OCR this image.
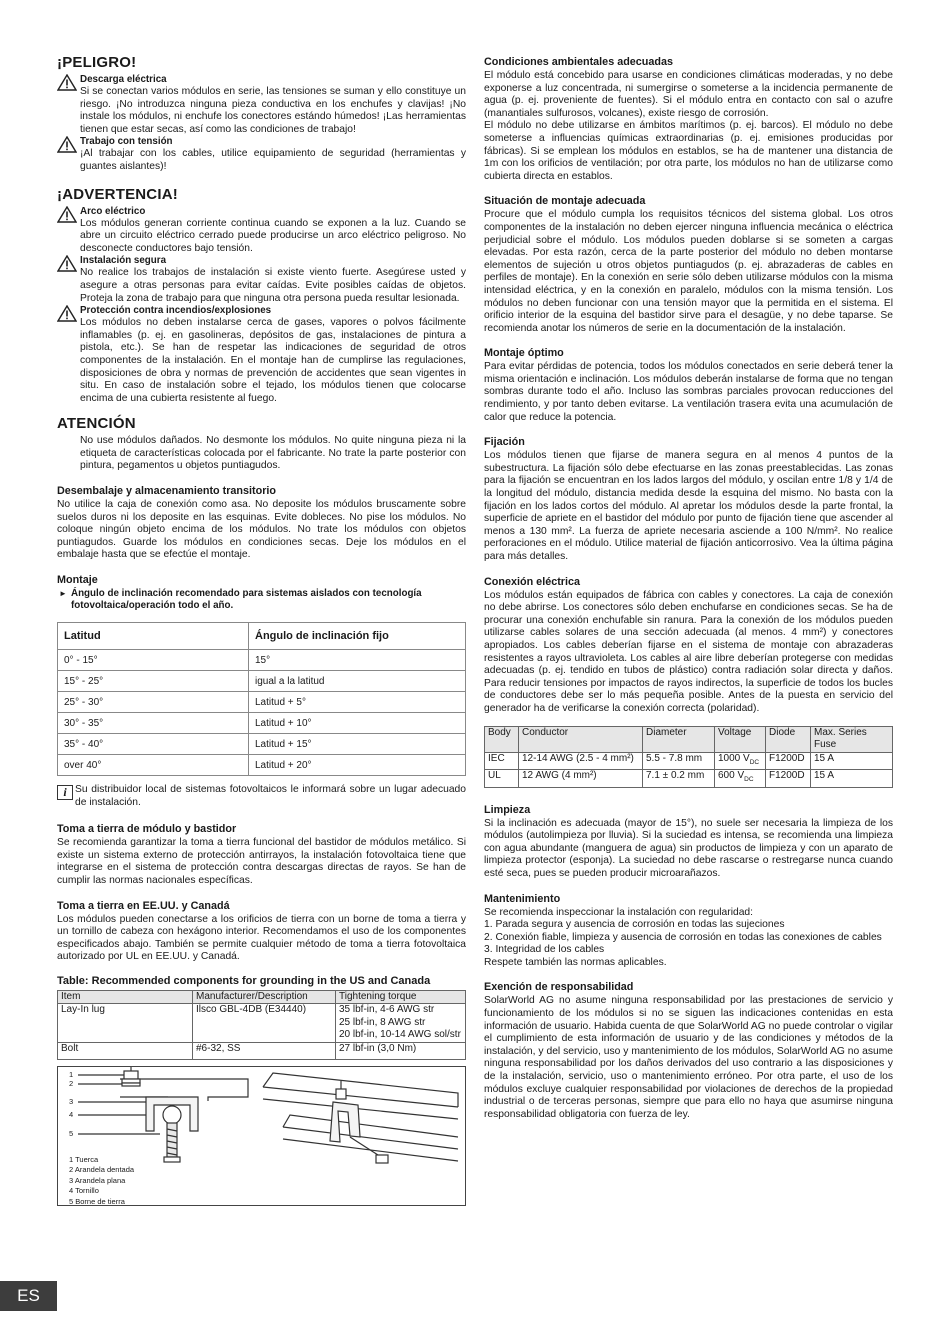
¡PELIGRO!
Descarga eléctrica

Si se conectan varios módulos en serie, las tensiones se suman y ello constituye un riesgo. ¡No introduzca ninguna pieza conductiva en los enchufes y clavijas! ¡No instale los módulos, ni enchufe los conectores estándo húmedos! ¡Las herramientas tienen que estar secas, así como las condiciones de trabajo!

Trabajo con tensión

¡Al trabajar con los cables, utilice equipamiento de seguridad (herramientas y guantes aislantes)!

¡ADVERTENCIA!
Arco eléctrico

Los módulos generan corriente continua cuando se exponen a la luz. Cuando se abre un circuito eléctrico cerrado puede producirse un arco eléctrico peligroso. No desconecte conductores bajo tensión.

Instalación segura

No realice los trabajos de instalación si existe viento fuerte. Asegúrese usted y asegure a otras personas para evitar caídas. Evite posibles caídas de objetos. Proteja la zona de trabajo para que ninguna otra persona pueda resultar lesionada.

Protección contra incendios/explosiones

Los módulos no deben instalarse cerca de gases, vapores o polvos fácilmente inflamables (p. ej. en gasolineras, depósitos de gas, instalaciones de pintura a pistola, etc.). Se han de respetar las indicaciones de seguridad de otros componentes de la instalación. En el montaje han de cumplirse las regulaciones, disposiciones de obra y normas de prevención de accidentes que sean vigentes in situ. En caso de instalación sobre el tejado, los módulos tienen que colocarse encima de una cubierta resistente al fuego.

ATENCIÓN

No use módulos dañados. No desmonte los módulos. No quite ninguna pieza ni la etiqueta de características colocada por el fabricante. No trate la parte posterior con pintura, pegamentos u objetos puntiagudos.

Desembalaje y almacenamiento transitorio

No utilice la caja de conexión como asa. No deposite los módulos bruscamente sobre suelos duros ni los deposite en las esquinas. Evite dobleces. No pise los módulos. No coloque ningún objeto encima de los módulos. No trate los módulos con objetos puntiagudos. Guarde los módulos en condiciones secas. Deje los módulos en el embalaje hasta que se efectúe el montaje.

Montaje
► Ángulo de inclinación recomendado para sistemas aislados con tecnología fotovoltaica/operación todo el año.
Latitud	Ángulo de inclinación fijo
0° - 15°	15°
15° - 25°	igual a la latitud
25° - 30°	Latitud + 5°
30° - 35°	Latitud + 10°
35° - 40°	Latitud + 15°
over 40°	Latitud + 20°
i Su distribuidor local de sistemas fotovoltaicos le informará sobre un lugar adecuado de instalación.

Toma a tierra de módulo y bastidor

Se recomienda garantizar la toma a tierra funcional del bastidor de módulos metálico. Si existe un sistema externo de protección antirrayos, la instalación fotovoltaica tiene que integrarse en el sistema de protección contra descargas directas de rayos. Se han de cumplir las normas nacionales específicas.

Toma a tierra en EE.UU. y Canadá

Los módulos pueden conectarse a los orificios de tierra con un borne de toma a tierra y un tornillo de cabeza con hexágono interior. Recomendamos el uso de los componentes especificados abajo. También se permite cualquier método de toma a tierra fotovoltaica autorizado por UL en EE.UU. y Canadá.

Table: Recommended components for grounding in the US and Canada
Item	Manufacturer/Description	Tightening torque
Lay-In lug	Ilsco GBL-4DB (E34440)	35 lbf-in, 4-6 AWG str
25 lbf-in, 8 AWG str
20 lbf-in, 10-14 AWG sol/str

Bolt	#6-32, SS	27 lbf-in (3,0 Nm)
1
2
3
4
5
1 Tuerca
2 Arandela dentada
3 Arandela plana
4 Tornillo
5 Borne de tierra
Condiciones ambientales adecuadas

El módulo está concebido para usarse en condiciones climáticas moderadas, y no debe exponerse a luz concentrada, ni sumergirse o someterse a la incidencia permanente de agua (p. ej. proveniente de fuentes). Si el módulo entra en contacto con sal o azufre (manantiales sulfurosos, volcanes), existe riesgo de corrosión.

El módulo no debe utilizarse en ámbitos marítimos (p. ej. barcos). El módulo no debe someterse a influencias químicas extraordinarias (p. ej. emisiones producidas por fábricas). Si se emplean los módulos en establos, se ha de mantener una distancia de 1m con los orificios de ventilación; por otra parte, los módulos no han de utilizarse como cubierta directa en establos.

Situación de montaje adecuada

Procure que el módulo cumpla los requisitos técnicos del sistema global. Los otros componentes de la instalación no deben ejercer ninguna influencia mecánica o eléctrica perjudicial sobre el módulo. Los módulos pueden doblarse si se someten a cargas elevadas. Por esta razón, cerca de la parte posterior del módulo no deben montarse elementos de sujeción u otros objetos puntiagudos (p. ej. abrazaderas de cables en perfiles de montaje). En la conexión en serie sólo deben utilizarse módulos con la misma intensidad eléctrica, y en la conexión en paralelo, módulos con la misma tensión. Los módulos no deben funcionar con una tensión mayor que la permitida en el sistema. El orificio interior de la esquina del bastidor sirve para el desagüe, y no debe taparse. Se recomienda anotar los números de serie en la documentación de la instalación.

Montaje óptimo

Para evitar pérdidas de potencia, todos los módulos conectados en serie deberá tener la misma orientación e inclinación. Los módulos deberán instalarse de forma que no tengan sombras durante todo el año. Incluso las sombras parciales provocan reducciones del rendimiento, y por tanto deben evitarse. La ventilación trasera evita una acumulación de calor que reduce la potencia.

Fijación

Los módulos tienen que fijarse de manera segura en al menos 4 puntos de la subestructura. La fijación sólo debe efectuarse en las zonas preestablecidas. Las zonas para la fijación se encuentran en los lados largos del módulo, y oscilan entre 1/8 y 1/4 de la longitud del módulo, distancia medida desde la esquina del mismo. No basta con la fijación en los lados cortos del módulo. Al apretar los módulos desde la parte frontal, la superficie de apriete en el bastidor del módulo por punto de fijación tiene que ascender al menos a 130 mm². La fuerza de apriete necesaria asciende a 100 N/mm². No realice perforaciones en el módulo. Utilice material de fijación anticorrosivo. Vea la última página para más detalles.

Conexión eléctrica

Los módulos están equipados de fábrica con cables y conectores. La caja de conexión no debe abrirse. Los conectores sólo deben enchufarse en condiciones secas. Se ha de procurar una conexión enchufable sin ranura. Para la conexión de los módulos pueden utilizarse cables solares de una sección adecuada (al menos. 4 mm²) y conectores apropiados. Los cables deberían fijarse en el sistema de montaje con abrazaderas resistentes a rayos ultravioleta. Los cables al aire libre deberían protegerse con medidas adecuadas (p. ej. tendido en tubos de plástico) contra radiación solar directa y daños. Para reducir tensiones por impactos de rayos indirectos, la superficie de todos los bucles de conductores debe ser lo más pequeña posible. Antes de la puesta en servicio del generador ha de verificarse la conexión correcta (polaridad).

Body	Conductor	Diameter	Voltage	Diode	Max. Series Fuse
IEC	12-14 AWG (2.5 - 4 mm²)	5.5 - 7.8 mm	1000 $V_{DC}$	F1200D	15 A
UL	12 AWG (4 mm²)	7.1 ± 0.2 mm	600 $V_{DC}$	F1200D	15 A
Limpieza

Si la inclinación es adecuada (mayor de 15°), no suele ser necesaria la limpieza de los módulos (autolimpieza por lluvia). Si la suciedad es intensa, se recomienda una limpieza con agua abundante (manguera de agua) sin productos de limpieza y con un aparato de limpieza protector (esponja). La suciedad no debe rascarse o restregarse nunca cuando esté seca, pues se pueden producir microarañazos.

Mantenimiento

Se recomienda inspeccionar la instalación con regularidad:

1. Parada segura y ausencia de corrosión en todas las sujeciones
2. Conexión fiable, limpieza y ausencia de corrosión en todas las conexiones de cables
3. Integridad de los cables

Respete también las normas aplicables.

Exención de responsabilidad

SolarWorld AG no asume ninguna responsabilidad por las prestaciones de servicio y funcionamiento de los módulos si no se siguen las indicaciones contenidas en esta información de usuario. Habida cuenta de que SolarWorld AG no puede controlar o vigilar el cumplimiento de esta información de usuario y de las condiciones y métodos de la instalación, y del servicio, uso y mantenimiento de los módulos, SolarWorld AG no asume ninguna responsabilidad por los daños derivados del uso contrario a las disposiciones y de la instalación, servicio, uso o mantenimiento erróneo. Por otra parte, el uso de los módulos excluye cualquier responsabilidad por violaciones de derechos de la propiedad industrial o de terceras personas, siempre que para ello no haya que asumirse ninguna responsabilidad obligatoria con fuerza de ley.

ES
